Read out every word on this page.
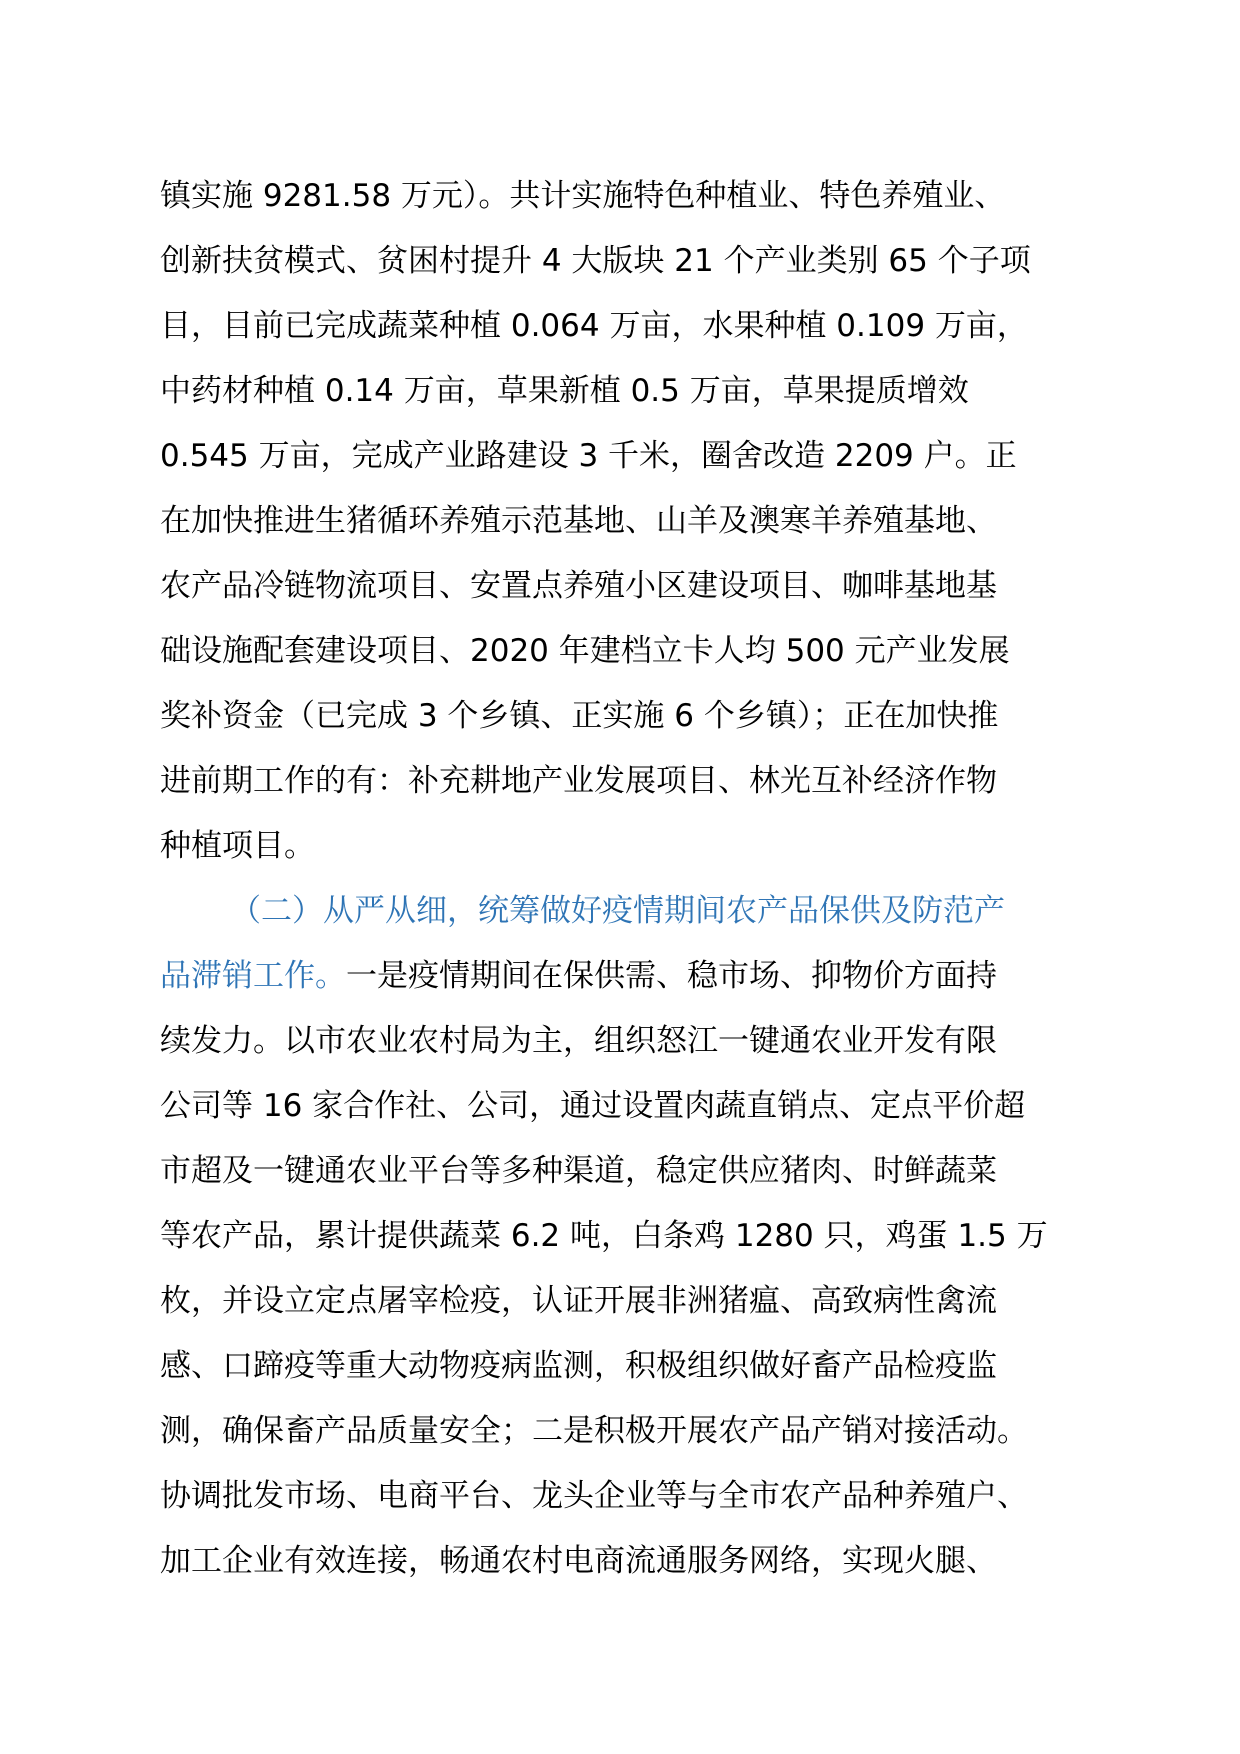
镇实施 9281.58 万元）。共计实施特色种植业、特色养殖业、
创新扶贫模式、贫困村提升 4 大版块 21 个产业类别 65 个子项
目，目前已完成蔬菜种植 0.064 万亩，水果种植 0.109 万亩，
中药材种植 0.14 万亩，草果新植 0.5 万亩，草果提质增效
0.545 万亩，完成产业路建设 3 千米，圈舍改造 2209 户。正
在加快推进生猪循环养殖示范基地、山羊及澳寒羊养殖基地、
农产品冷链物流项目、安置点养殖小区建设项目、咖啡基地基
础设施配套建设项目、2020 年建档立卡人均 500 元产业发展
奖补资金（已完成 3 个乡镇、正实施 6 个乡镇）；正在加快推
进前期工作的有：补充耕地产业发展项目、林光互补经济作物
种植项目。
（二）从严从细，统筹做好疫情期间农产品保供及防范产
品滞销工作。一是疫情期间在保供需、稳市场、抑物价方面持
续发力。以市农业农村局为主，组织怒江一键通农业开发有限
公司等 16 家合作社、公司，通过设置肉蔬直销点、定点平价超
市超及一键通农业平台等多种渠道，稳定供应猪肉、时鲜蔬菜
等农产品，累计提供蔬菜 6.2 吨，白条鸡 1280 只，鸡蛋 1.5 万
枚，并设立定点屠宰检疫，认证开展非洲猪瘟、高致病性禽流
感、口蹄疫等重大动物疫病监测，积极组织做好畜产品检疫监
测，确保畜产品质量安全；二是积极开展农产品产销对接活动。
协调批发市场、电商平台、龙头企业等与全市农产品种养殖户、
加工企业有效连接，畅通农村电商流通服务网络，实现火腿、
